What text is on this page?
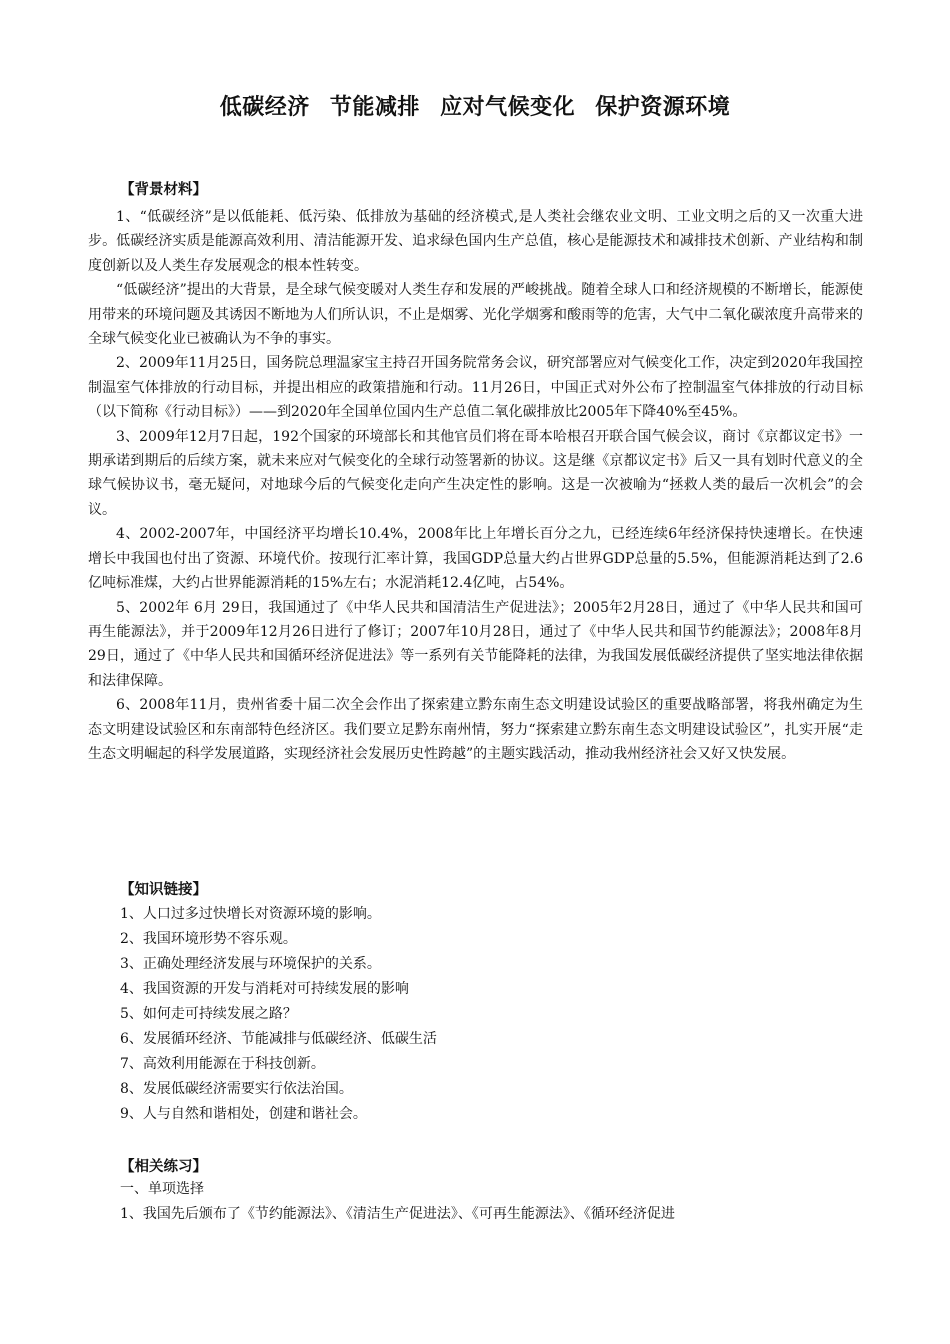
低碳经济 节能减排 应对气候变化 保护资源环境
【背景材料】

1、“低碳经济”是以低能耗、低污染、低排放为基础的经济模式,是人类社会继农业文明、工业文明之后的又一次重大进步。低碳经济实质是能源高效利用、清洁能源开发、追求绿色国内生产总值，核心是能源技术和减排技术创新、产业结构和制度创新以及人类生存发展观念的根本性转变。

“低碳经济”提出的大背景，是全球气候变暖对人类生存和发展的严峻挑战。随着全球人口和经济规模的不断增长，能源使用带来的环境问题及其诱因不断地为人们所认识，不止是烟雾、光化学烟雾和酸雨等的危害，大气中二氧化碳浓度升高带来的全球气候变化业已被确认为不争的事实。

2、2009年11月25日，国务院总理温家宝主持召开国务院常务会议，研究部署应对气候变化工作，决定到2020年我国控制温室气体排放的行动目标，并提出相应的政策措施和行动。11月26日，中国正式对外公布了控制温室气体排放的行动目标（以下简称《行动目标》）——到2020年全国单位国内生产总值二氧化碳排放比2005年下降40%至45%。

3、2009年12月7日起，192个国家的环境部长和其他官员们将在哥本哈根召开联合国气候会议，商讨《京都议定书》一期承诺到期后的后续方案，就未来应对气候变化的全球行动签署新的协议。这是继《京都议定书》后又一具有划时代意义的全球气候协议书，毫无疑问，对地球今后的气候变化走向产生决定性的影响。这是一次被喻为“拯救人类的最后一次机会”的会议。

4、2002-2007年，中国经济平均增长10.4%，2008年比上年增长百分之九，已经连续6年经济保持快速增长。在快速增长中我国也付出了资源、环境代价。按现行汇率计算，我国GDP总量大约占世界GDP总量的5.5%，但能源消耗达到了2.6亿吨标准煤，大约占世界能源消耗的15%左右；水泥消耗12.4亿吨，占54%。

5、2002年 6月 29日，我国通过了《中华人民共和国清洁生产促进法》；2005年2月28日，通过了《中华人民共和国可再生能源法》，并于2009年12月26日进行了修订；2007年10月28日，通过了《中华人民共和国节约能源法》；2008年8月29日，通过了《中华人民共和国循环经济促进法》等一系列有关节能降耗的法律，为我国发展低碳经济提供了坚实地法律依据和法律保障。

6、2008年11月，贵州省委十届二次全会作出了探索建立黔东南生态文明建设试验区的重要战略部署，将我州确定为生态文明建设试验区和东南部特色经济区。我们要立足黔东南州情，努力“探索建立黔东南生态文明建设试验区”，扎实开展“走生态文明崛起的科学发展道路，实现经济社会发展历史性跨越”的主题实践活动，推动我州经济社会又好又快发展。

【知识链接】
1、人口过多过快增长对资源环境的影响。
2、我国环境形势不容乐观。
3、正确处理经济发展与环境保护的关系。
4、我国资源的开发与消耗对可持续发展的影响
5、如何走可持续发展之路？
6、发展循环经济、节能减排与低碳经济、低碳生活
7、高效利用能源在于科技创新。
8、发展低碳经济需要实行依法治国。
9、人与自然和谐相处，创建和谐社会。
【相关练习】
一、单项选择
1、我国先后颁布了《节约能源法》、《清洁生产促进法》、《可再生能源法》、《循环经济促进
